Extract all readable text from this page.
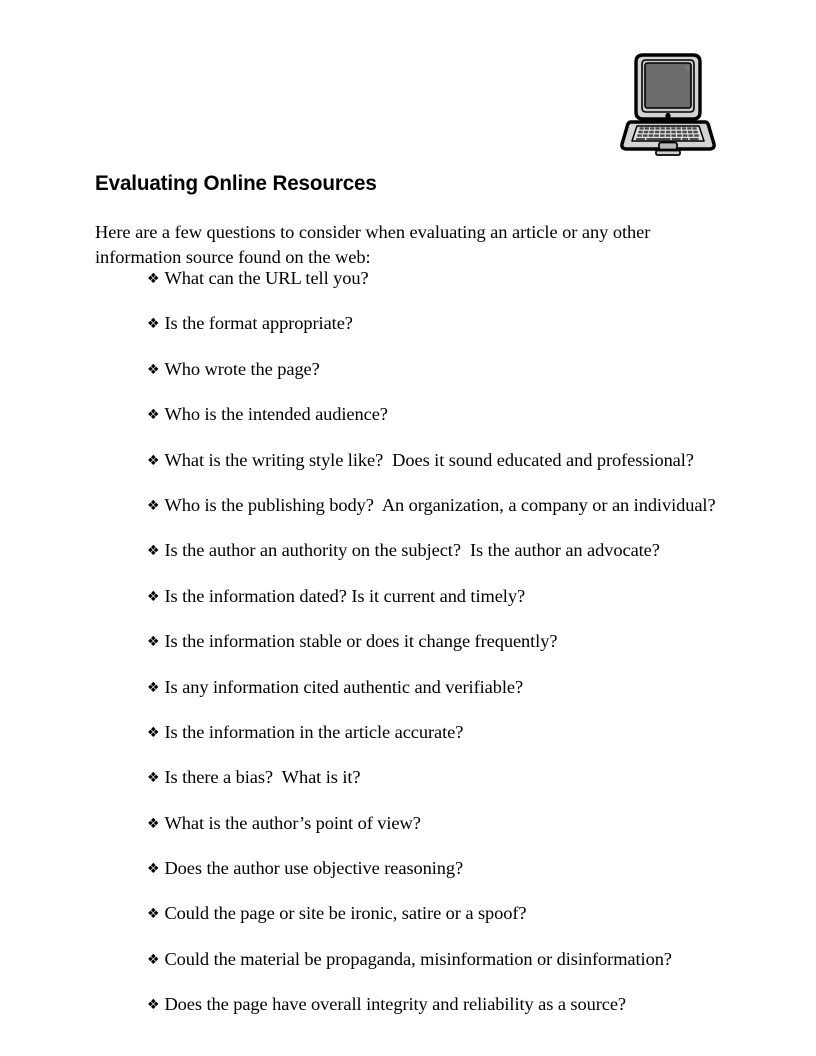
Evaluating Online Resources

Here are a few questions to consider when evaluating an article or any other information source found on the web:

❖ What can the URL tell you?
❖ Is the format appropriate?
❖ Who wrote the page?
❖ Who is the intended audience?
❖ What is the writing style like?  Does it sound educated and professional?
❖ Who is the publishing body?  An organization, a company or an individual?
❖ Is the author an authority on the subject?  Is the author an advocate?
❖ Is the information dated? Is it current and timely?
❖ Is the information stable or does it change frequently?
❖ Is any information cited authentic and verifiable?
❖ Is the information in the article accurate?
❖ Is there a bias?  What is it?
❖ What is the author’s point of view?
❖ Does the author use objective reasoning?
❖ Could the page or site be ironic, satire or a spoof?
❖ Could the material be propaganda, misinformation or disinformation?
❖ Does the page have overall integrity and reliability as a source?
